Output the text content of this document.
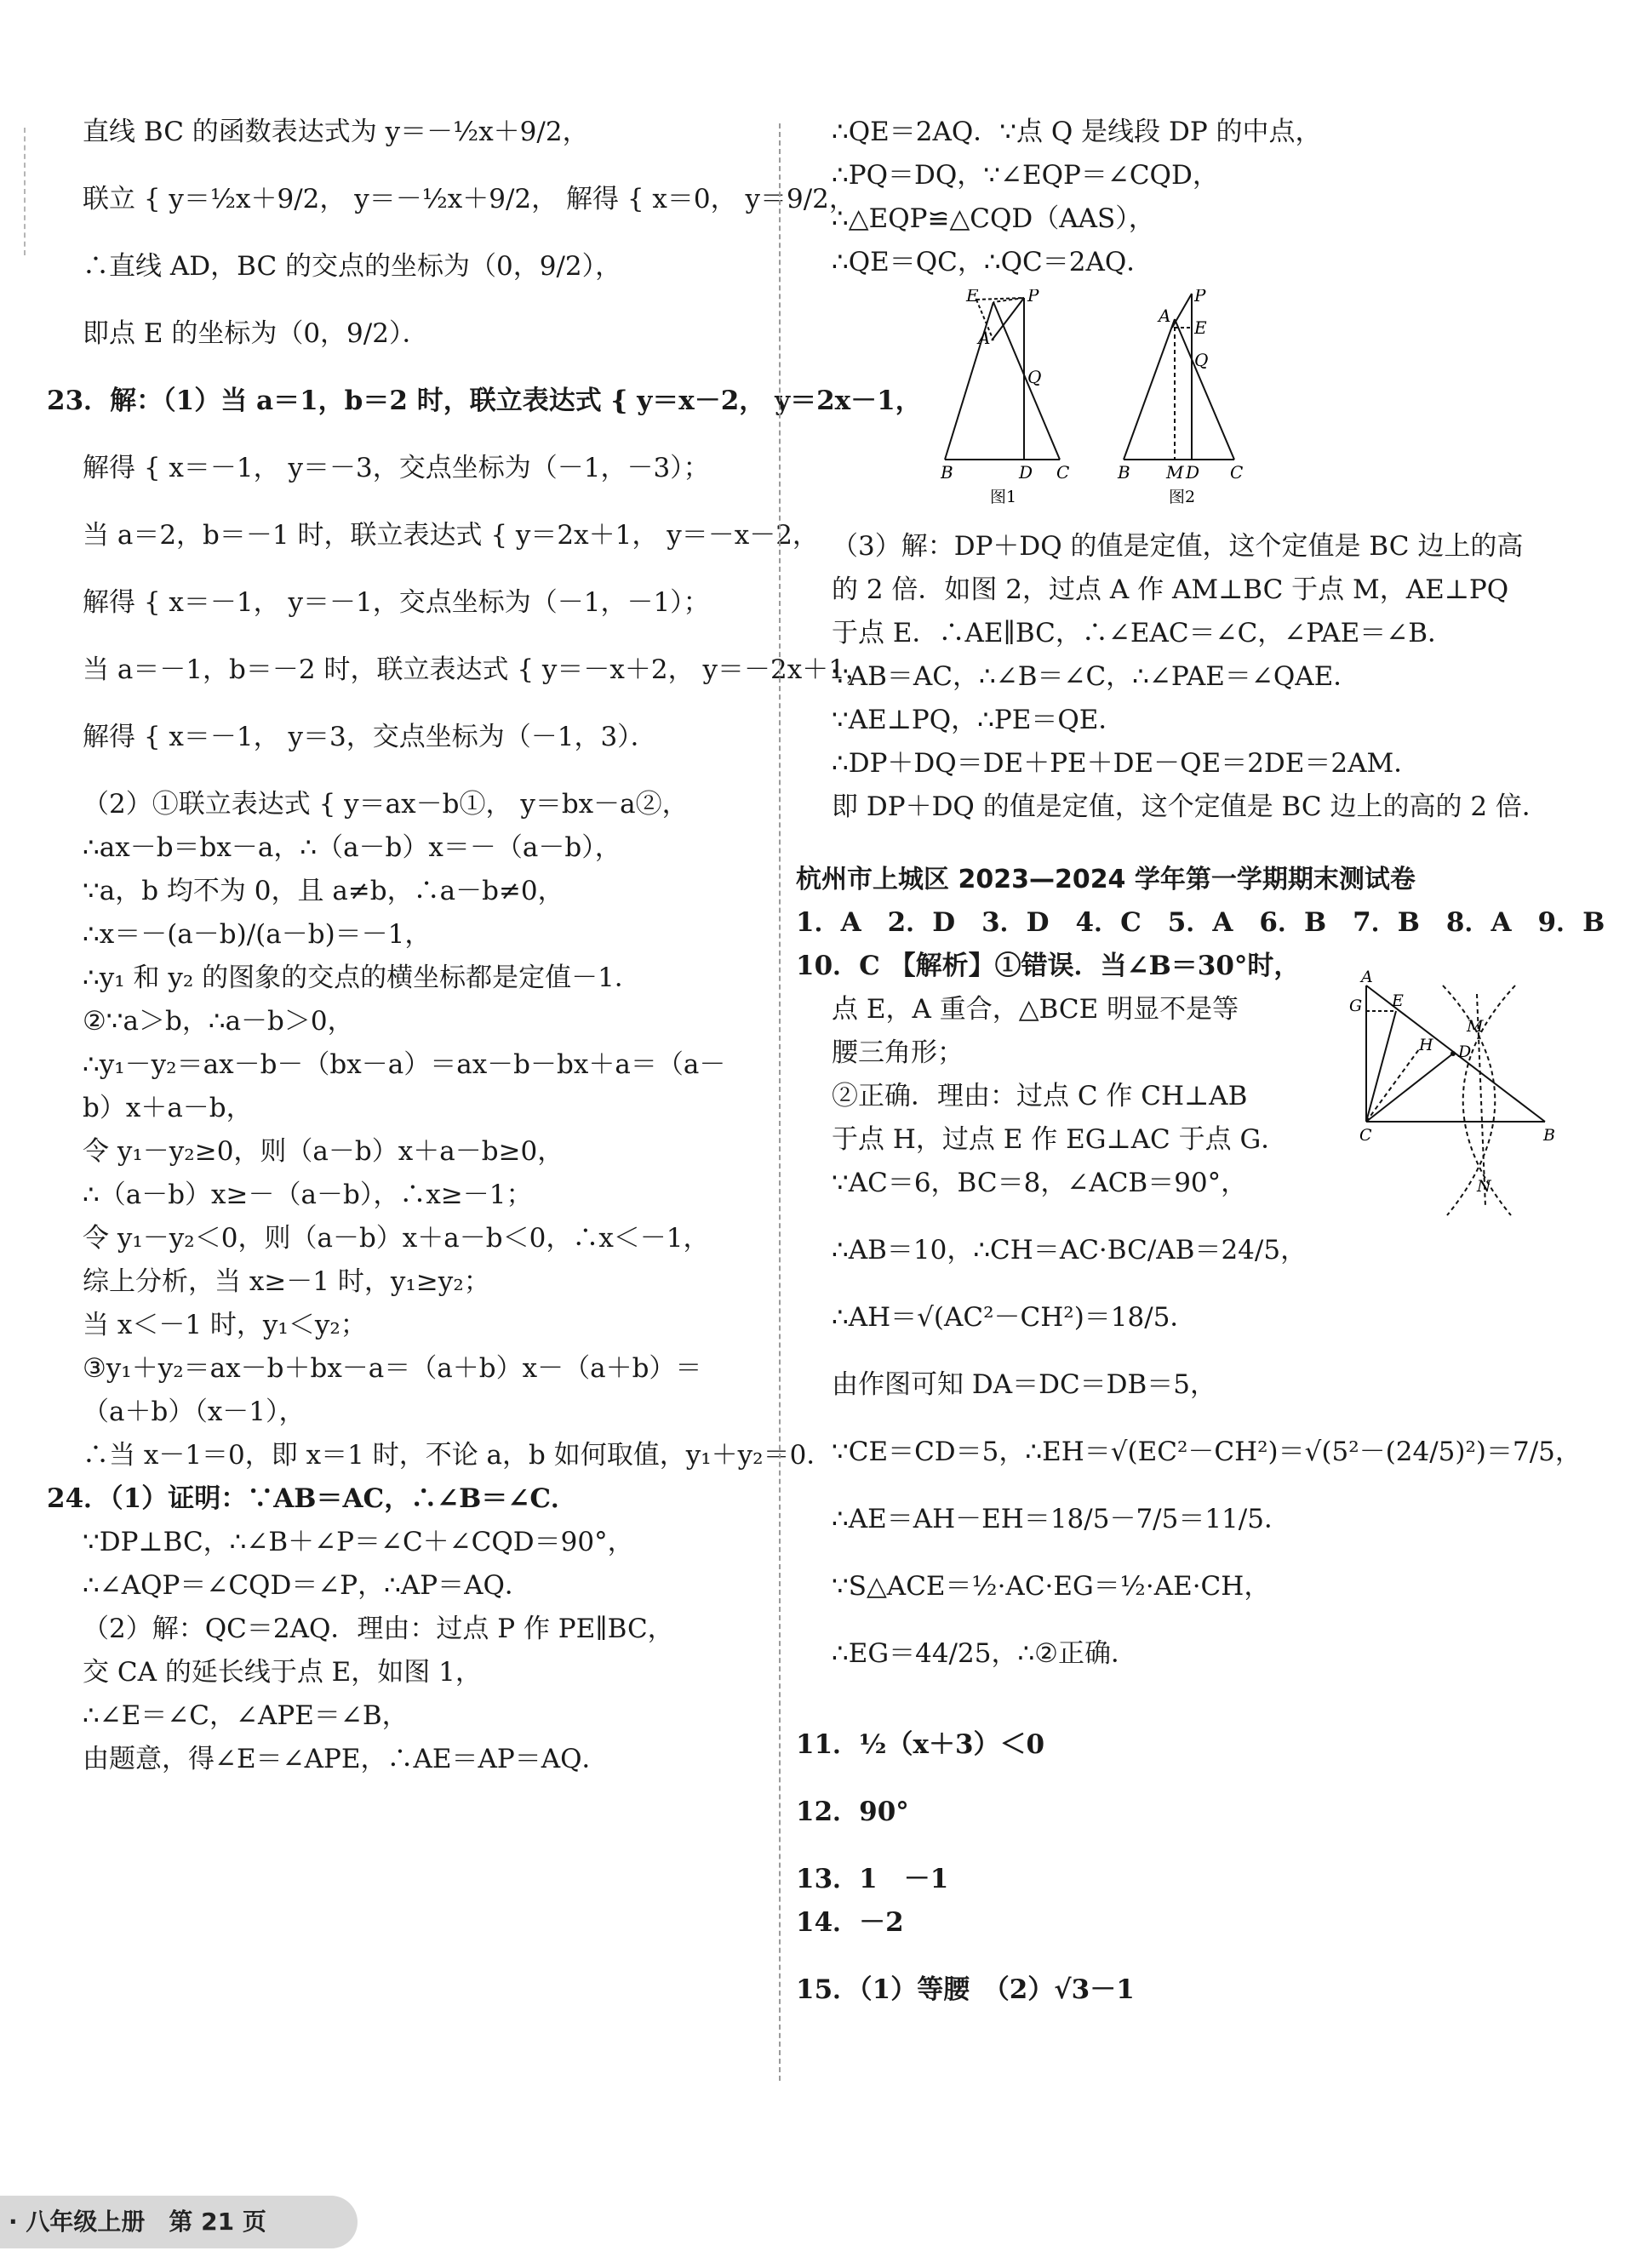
直线 BC 的函数表达式为 y＝－½x＋9/2，
联立 { y＝½x＋9/2， y＝－½x＋9/2， 解得 { x＝0， y＝9/2，
∴直线 AD，BC 的交点的坐标为（0，9/2），
即点 E 的坐标为（0，9/2）．
23．解：（1）当 a＝1，b＝2 时，联立表达式 { y＝x－2， y＝2x－1，
解得 { x＝－1， y＝－3，交点坐标为（－1，－3）；
当 a＝2，b＝－1 时，联立表达式 { y＝2x＋1， y＝－x－2，
解得 { x＝－1， y＝－1，交点坐标为（－1，－1）；
当 a＝－1，b＝－2 时，联立表达式 { y＝－x＋2， y＝－2x＋1，
解得 { x＝－1， y＝3，交点坐标为（－1，3）．
（2）①联立表达式 { y＝ax－b①， y＝bx－a②，
∴ax－b＝bx－a，∴（a－b）x＝－（a－b），
∵a，b 均不为 0，且 a≠b，∴a－b≠0，
∴x＝－(a－b)/(a－b)＝－1，
∴y₁ 和 y₂ 的图象的交点的横坐标都是定值－1．
②∵a＞b，∴a－b＞0，
∴y₁－y₂＝ax－b－（bx－a）＝ax－b－bx＋a＝（a－
b）x＋a－b，
令 y₁－y₂≥0，则（a－b）x＋a－b≥0，
∴（a－b）x≥－（a－b），∴x≥－1；
令 y₁－y₂＜0，则（a－b）x＋a－b＜0，∴x＜－1，
综上分析，当 x≥－1 时，y₁≥y₂；
当 x＜－1 时，y₁＜y₂；
③y₁＋y₂＝ax－b＋bx－a＝（a＋b）x－（a＋b）＝
（a＋b）（x－1），
∴当 x－1＝0，即 x＝1 时，不论 a，b 如何取值，y₁＋y₂＝0．
24．（1）证明：∵AB＝AC，∴∠B＝∠C．
∵DP⊥BC，∴∠B＋∠P＝∠C＋∠CQD＝90°，
∴∠AQP＝∠CQD＝∠P，∴AP＝AQ．
（2）解：QC＝2AQ．理由：过点 P 作 PE∥BC，
交 CA 的延长线于点 E，如图 1，
∴∠E＝∠C，∠APE＝∠B，
由题意，得∠E＝∠APE，∴AE＝AP＝AQ．
∴QE＝2AQ．∵点 Q 是线段 DP 的中点，
∴PQ＝DQ，∵∠EQP＝∠CQD，
∴△EQP≌△CQD（AAS），
∴QE＝QC，∴QC＝2AQ．
E	P
A
Q
B	D C
图1
P
A
E
Q
B M D C
图2
（3）解：DP＋DQ 的值是定值，这个定值是 BC 边上的高
的 2 倍．如图 2，过点 A 作 AM⊥BC 于点 M，AE⊥PQ
于点 E．∴AE∥BC，∴∠EAC＝∠C，∠PAE＝∠B．
∵AB＝AC，∴∠B＝∠C，∴∠PAE＝∠QAE．
∵AE⊥PQ，∴PE＝QE．
∴DP＋DQ＝DE＋PE＋DE－QE＝2DE＝2AM．
即 DP＋DQ 的值是定值，这个定值是 BC 边上的高的 2 倍．
杭州市上城区 2023—2024 学年第一学期期末测试卷
1．A　2．D　3．D　4．C　5．A　6．B　7．B　8．A　9．B
10．C 【解析】①错误．当∠B＝30°时，
点 E，A 重合，△BCE 明显不是等
腰三角形；
②正确．理由：过点 C 作 CH⊥AB
于点 H，过点 E 作 EG⊥AC 于点 G．
∵AC＝6，BC＝8，∠ACB＝90°，
∴AB＝10，∴CH＝AC·BC/AB＝24/5，
∴AH＝√(AC²－CH²)＝18/5．
由作图可知 DA＝DC＝DB＝5，
∵CE＝CD＝5，∴EH＝√(EC²－CH²)＝√(5²－(24/5)²)＝7/5，
∴AE＝AH－EH＝18/5－7/5＝11/5．
∵S△ACE＝½·AC·EG＝½·AE·CH，
∴EG＝44/25，∴②正确．
11．½（x＋3）＜0
12．90°
13．1　－1
14．－2
15．（1）等腰　（2）√3－1
A
G E
H
M
D
C	B
N
· 八年级上册　第 21 页
